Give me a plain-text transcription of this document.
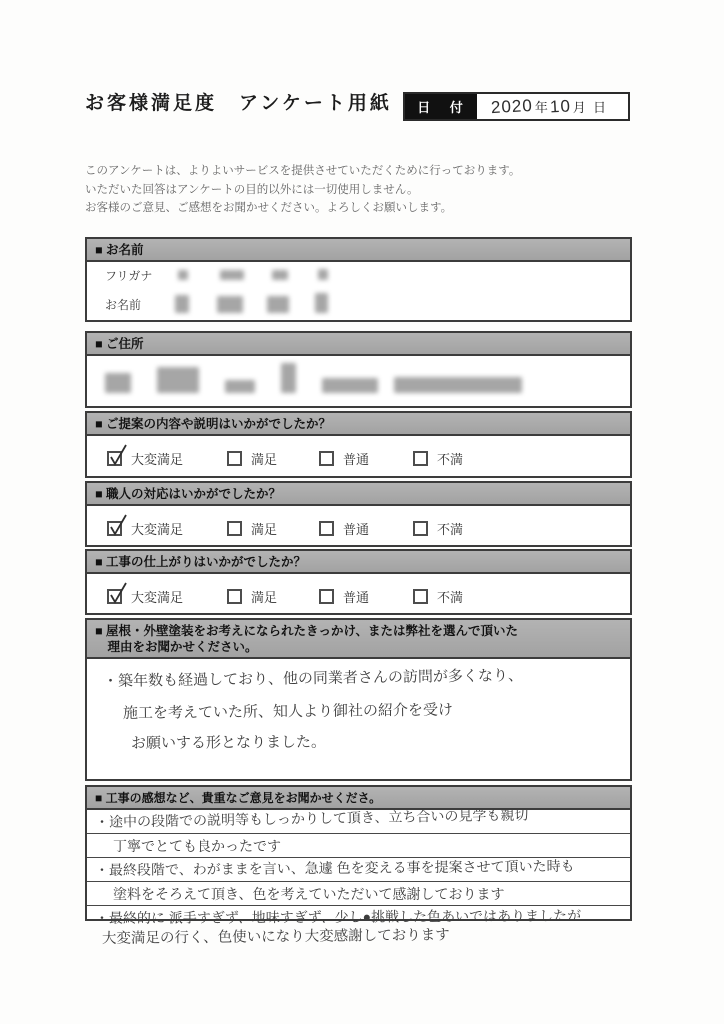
お客様満足度　アンケート用紙	日 付	2020 年 10 月 日
このアンケートは、よりよいサービスを提供させていただくために行っております。
いただいた回答はアンケートの目的以外には一切使用しません。
お客様のご意見、ご感想をお聞かせください。よろしくお願いします。
■ お名前
フリガナ
お名前
■ ご住所
■ ご提案の内容や説明はいかがでしたか？
大変満足	満足	普通	不満
■ 職人の対応はいかがでしたか？
大変満足	満足	普通	不満
■ 工事の仕上がりはいかがでしたか？
大変満足	満足	普通	不満
■ 屋根・外壁塗装をお考えになられたきっかけ、または弊社を選んで頂いた
　理由をお聞かせください。
・築年数も経過しており、他の同業者さんの訪問が多くなり、
施工を考えていた所、知人より御社の紹介を受け
お願いする形となりました。
■ 工事の感想など、貴重なご意見をお聞かせくださ。
・途中の段階での説明等もしっかりして頂き、立ち合いの見学も親切
丁寧でとても良かったです
・最終段階で、わがままを言い、急遽 色を変える事を提案させて頂いた時も
塗料をそろえて頂き、色を考えていただいて感謝しております
・最終的に 派手すぎず、地味すぎず、少し●挑戦した色あいではありましたが
大変満足の行く、色使いになり大変感謝しております
